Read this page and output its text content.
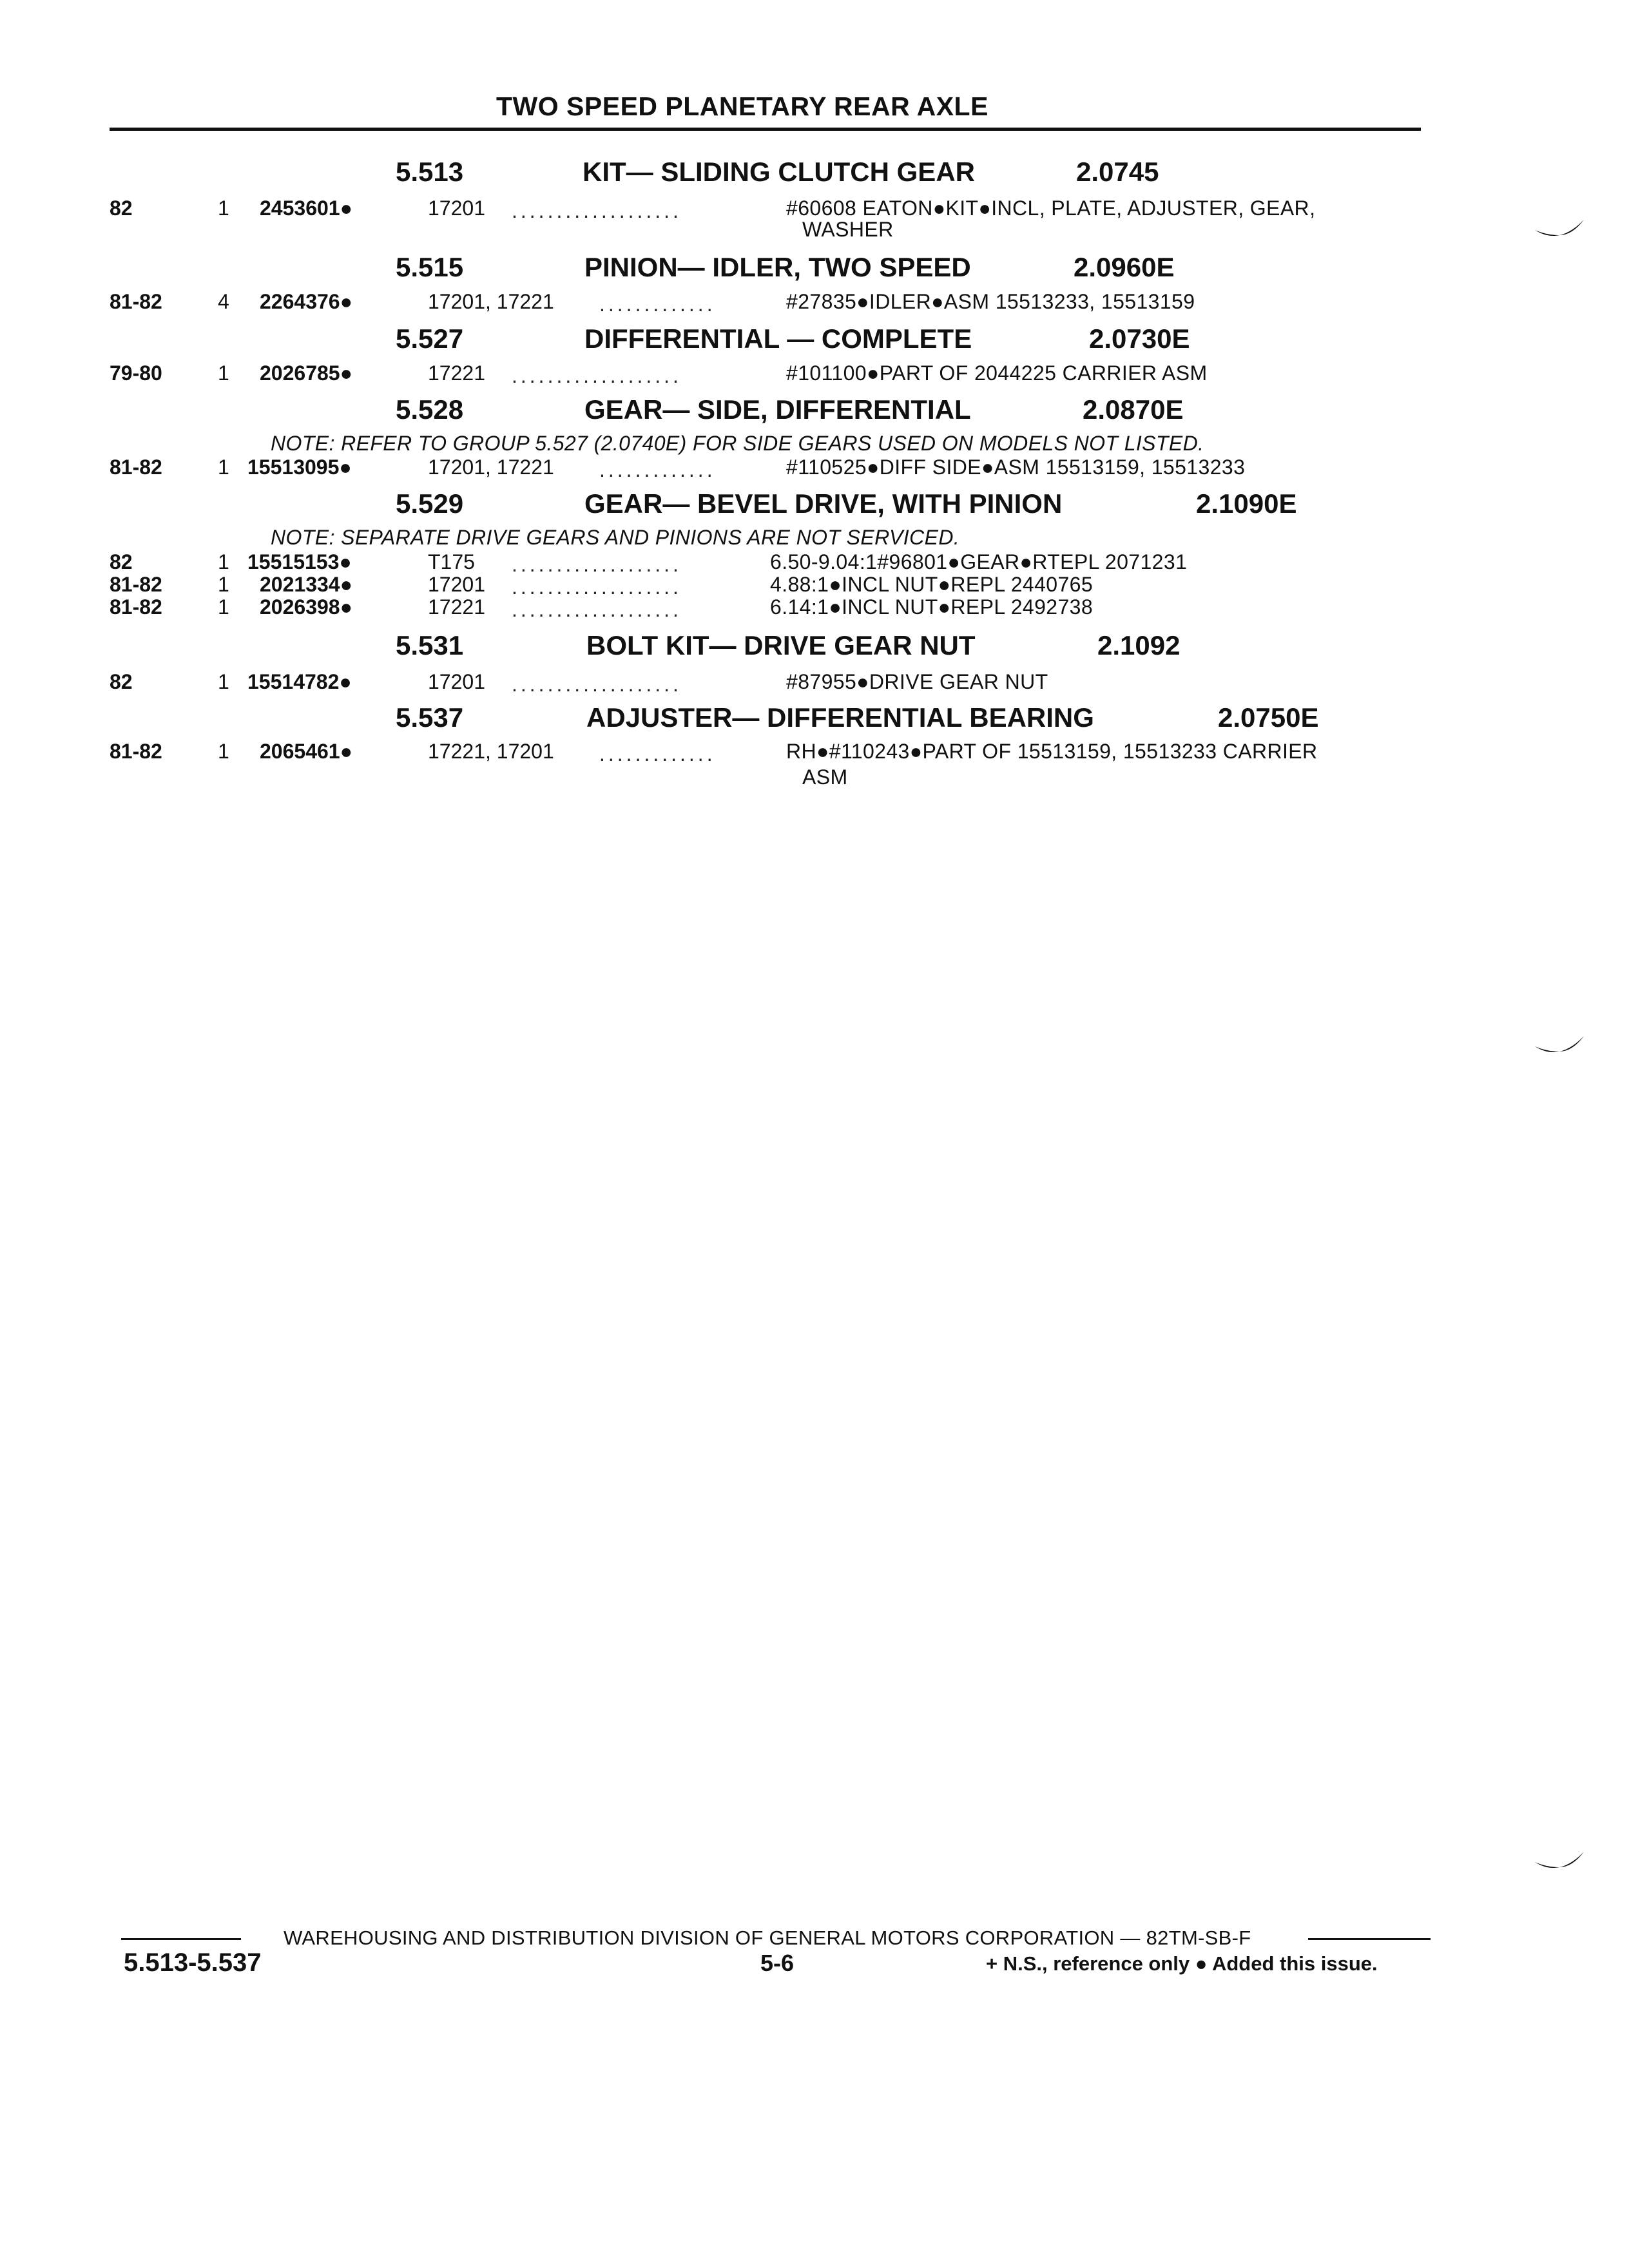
TWO SPEED PLANETARY REAR AXLE
5.513	KIT— SLIDING CLUTCH GEAR	2.0745
82	1 2453601●	17201 ...................	#60608 EATON●KIT●INCL, PLATE, ADJUSTER, GEAR,
WASHER
5.515	PINION— IDLER, TWO SPEED	2.0960E
81-82	4 2264376●	17201, 17221 .............	#27835●IDLER●ASM 15513233, 15513159
5.527	DIFFERENTIAL — COMPLETE	2.0730E
79-80	1 2026785●	17221 ...................	#101100●PART OF 2044225 CARRIER ASM
5.528	GEAR— SIDE, DIFFERENTIAL	2.0870E
NOTE: REFER TO GROUP 5.527 (2.0740E) FOR SIDE GEARS USED ON MODELS NOT LISTED.
81-82	1 15513095●	17201, 17221 .............	#110525●DIFF SIDE●ASM 15513159, 15513233
5.529	GEAR— BEVEL DRIVE, WITH PINION	2.1090E
NOTE: SEPARATE DRIVE GEARS AND PINIONS ARE NOT SERVICED.
82	1 15515153●	T175 ...................	6.50-9.04:1#96801●GEAR●RTEPL 2071231
81-82	1 2021334●	17201 ...................	4.88:1●INCL NUT●REPL 2440765
81-82	1 2026398●	17221 ...................	6.14:1●INCL NUT●REPL 2492738
5.531	BOLT KIT— DRIVE GEAR NUT	2.1092
82	1 15514782●	17201 ...................	#87955●DRIVE GEAR NUT
5.537	ADJUSTER— DIFFERENTIAL BEARING	2.0750E
81-82	1 2065461●	17221, 17201 .............	RH●#110243●PART OF 15513159, 15513233 CARRIER
ASM
WAREHOUSING AND DISTRIBUTION DIVISION OF GENERAL MOTORS CORPORATION — 82TM-SB-F
5.513-5.537	5-6	+ N.S., reference only ● Added this issue.
